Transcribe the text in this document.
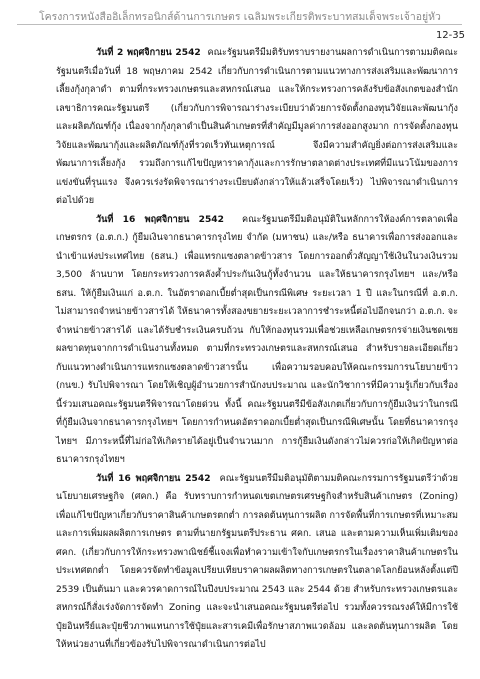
โครงการหนังสืออิเล็กทรอนิกส์ด้านการเกษตร เฉลิมพระเกียรติพระบาทสมเด็จพระเจ้าอยู่หัว
12-35

วันที่ 2 พฤศจิกายน 2542 คณะรัฐมนตรีมีมติรับทราบรายงานผลการดำเนินการตามมติคณะรัฐมนตรีเมื่อวันที่ 18 พฤษภาคม 2542 เกี่ยวกับการดำเนินการตามแนวทางการส่งเสริมและพัฒนาการเลี้ยงกุ้งกุลาดำ ตามที่กระทรวงเกษตรและสหกรณ์เสนอ และให้กระทรวงการคลังรับข้อสังเกตของสำนักเลขาธิการคณะรัฐมนตรี (เกี่ยวกับการพิจารณาร่างระเบียบว่าด้วยการจัดตั้งกองทุนวิจัยและพัฒนากุ้ง และผลิตภัณฑ์กุ้ง เนื่องจากกุ้งกุลาดำเป็นสินค้าเกษตรที่สำคัญมีมูลค่าการส่งออกสูงมาก การจัดตั้งกองทุนวิจัยและพัฒนากุ้งและผลิตภัณฑ์กุ้งที่รวดเร็วทันเหตุการณ์ จึงมีความสำคัญยิ่งต่อการส่งเสริมและพัฒนาการเลี้ยงกุ้ง รวมถึงการแก้ไขปัญหาราคากุ้งและการรักษาตลาดต่างประเทศที่มีแนวโน้มของการแข่งขันที่รุนแรง จึงควรเร่งรัดพิจารณาร่างระเบียบดังกล่าวให้แล้วเสร็จโดยเร็ว) ไปพิจารณาดำเนินการต่อไปด้วย

วันที่ 16 พฤศจิกายน 2542 คณะรัฐมนตรีมีมติอนุมัติในหลักการให้องค์การตลาดเพื่อเกษตรกร (อ.ต.ก.) กู้ยืมเงินจากธนาคารกรุงไทย จำกัด (มหาชน) และ/หรือ ธนาคารเพื่อการส่งออกและนำเข้าแห่งประเทศไทย (ธสน.) เพื่อแทรกแซงตลาดข้าวสาร โดยการออกตั๋วสัญญาใช้เงินในวงเงินรวม 3,500 ล้านบาท โดยกระทรวงการคลังค้ำประกันเงินกู้ทั้งจำนวน และให้ธนาคารกรุงไทยฯ และ/หรือ ธสน. ให้กู้ยืมเงินแก่ อ.ต.ก. ในอัตราดอกเบี้ยต่ำสุดเป็นกรณีพิเศษ ระยะเวลา 1 ปี และในกรณีที่ อ.ต.ก. ไม่สามารถจำหน่ายข้าวสารได้ ให้ธนาคารทั้งสองขยายระยะเวลาการชำระหนี้ต่อไปอีกจนกว่า อ.ต.ก. จะจำหน่ายข้าวสารได้ และได้รับชำระเงินครบถ้วน กับให้กองทุนรวมเพื่อช่วยเหลือเกษตรกรจ่ายเงินชดเชยผลขาดทุนจากการดำเนินงานทั้งหมด ตามที่กระทรวงเกษตรและสหกรณ์เสนอ สำหรับรายละเอียดเกี่ยวกับแนวทางดำเนินการแทรกแซงตลาดข้าวสารนั้น เพื่อความรอบคอบให้คณะกรรมการนโยบายข้าว (กนข.) รับไปพิจารณา โดยให้เชิญผู้อำนวยการสำนักงบประมาณ และนักวิชาการที่มีความรู้เกี่ยวกับเรื่องนี้ร่วมเสนอคณะรัฐมนตรีพิจารณาโดยด่วน ทั้งนี้ คณะรัฐมนตรีมีข้อสังเกตเกี่ยวกับการกู้ยืมเงินว่าในกรณีที่กู้ยืมเงินจากธนาคารกรุงไทยฯ โดยการกำหนดอัตราดอกเบี้ยต่ำสุดเป็นกรณีพิเศษนั้น โดยที่ธนาคารกรุงไทยฯ มีภาระหนี้ที่ไม่ก่อให้เกิดรายได้อยู่เป็นจำนวนมาก การกู้ยืมเงินดังกล่าวไม่ควรก่อให้เกิดปัญหาต่อธนาคารกรุงไทยฯ

วันที่ 16 พฤศจิกายน 2542 คณะรัฐมนตรีมีมติอนุมัติตามมติคณะกรรมการรัฐมนตรีว่าด้วยนโยบายเศรษฐกิจ (ศคก.) คือ รับทราบการกำหนดเขตเกษตรเศรษฐกิจสำหรับสินค้าเกษตร (Zoning) เพื่อแก้ไขปัญหาเกี่ยวกับราคาสินค้าเกษตรตกต่ำ การลดต้นทุนการผลิต การจัดพื้นที่การเกษตรที่เหมาะสม และการเพิ่มผลผลิตการเกษตร ตามที่นายกรัฐมนตรีประธาน ศคก. เสนอ และตามความเห็นเพิ่มเติมของ ศคก. (เกี่ยวกับการให้กระทรวงพาณิชย์ชี้แจงเพื่อทำความเข้าใจกับเกษตรกรในเรื่องราคาสินค้าเกษตรในประเทศตกต่ำ โดยควรจัดทำข้อมูลเปรียบเทียบราคาผลผลิตทางการเกษตรในตลาดโลกย้อนหลังตั้งแต่ปี 2539 เป็นต้นมา และควรคาดการณ์ในปีงบประมาณ 2543 และ 2544 ด้วย สำหรับกระทรวงเกษตรและสหกรณ์ก็สั่งเร่งจัดการจัดทำ Zoning และจะนำเสนอคณะรัฐมนตรีต่อไป รวมทั้งควรรณรงค์ให้มีการใช้ปุ๋ยอินทรีย์และปุ๋ยชีวภาพแทนการใช้ปุ๋ยและสารเคมีเพื่อรักษาสภาพแวดล้อม และลดต้นทุนการผลิต โดยให้หน่วยงานที่เกี่ยวข้องรับไปพิจารณาดำเนินการต่อไป
